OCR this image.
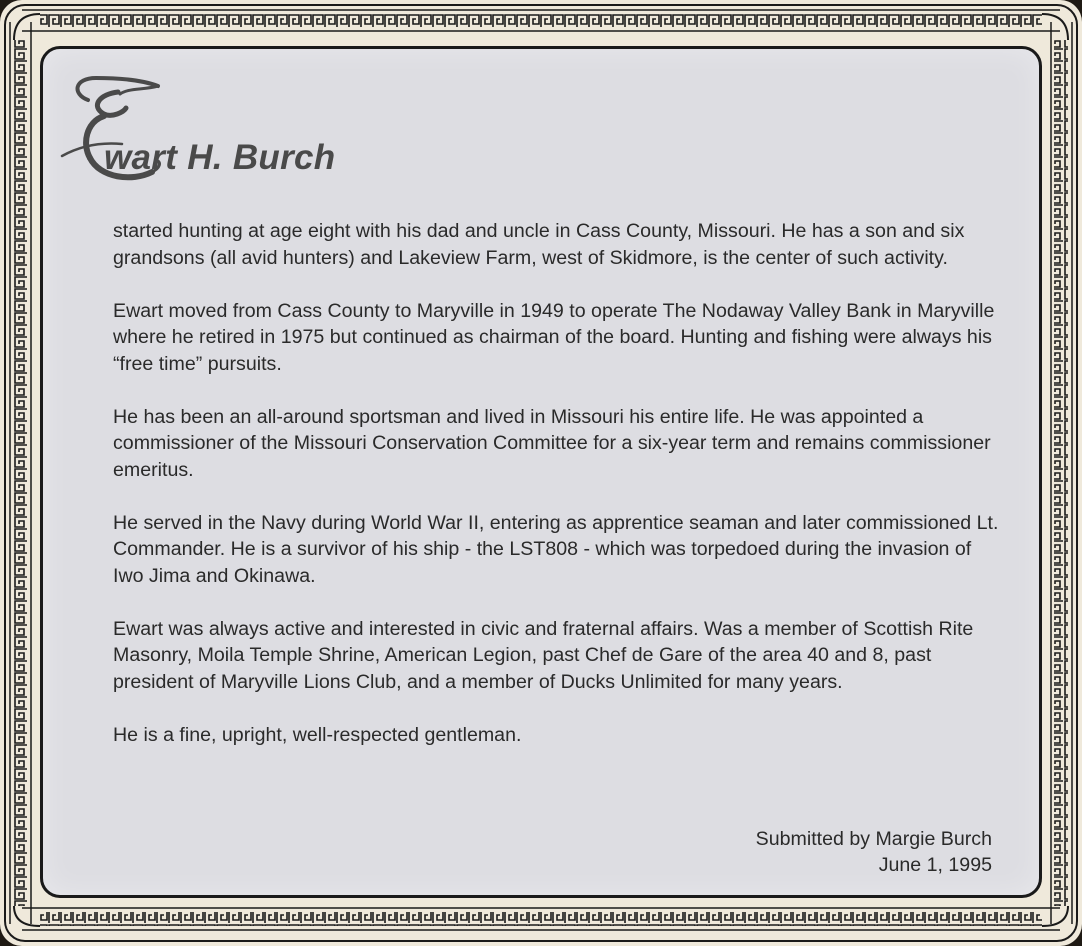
wart H. Burch

started hunting at age eight with his dad and uncle in Cass County, Missouri. He has a son and six grandsons (all avid hunters) and Lakeview Farm, west of Skidmore, is the center of such activity.

Ewart moved from Cass County to Maryville in 1949 to operate The Nodaway Valley Bank in Maryville where he retired in 1975 but continued as chairman of the board. Hunting and fishing were always his “free time” pursuits.

He has been an all-around sportsman and lived in Missouri his entire life. He was appointed a commissioner of the Missouri Conservation Committee for a six-year term and remains commissioner emeritus.

He served in the Navy during World War II, entering as apprentice seaman and later commissioned Lt. Commander. He is a survivor of his ship - the LST808 - which was torpedoed during the invasion of Iwo Jima and Okinawa.

Ewart was always active and interested in civic and fraternal affairs. Was a member of Scottish Rite Masonry, Moila Temple Shrine, American Legion, past Chef de Gare of the area 40 and 8, past president of Maryville Lions Club, and a member of Ducks Unlimited for many years.

He is a fine, upright, well-respected gentleman.

Submitted by Margie Burch
June 1, 1995
